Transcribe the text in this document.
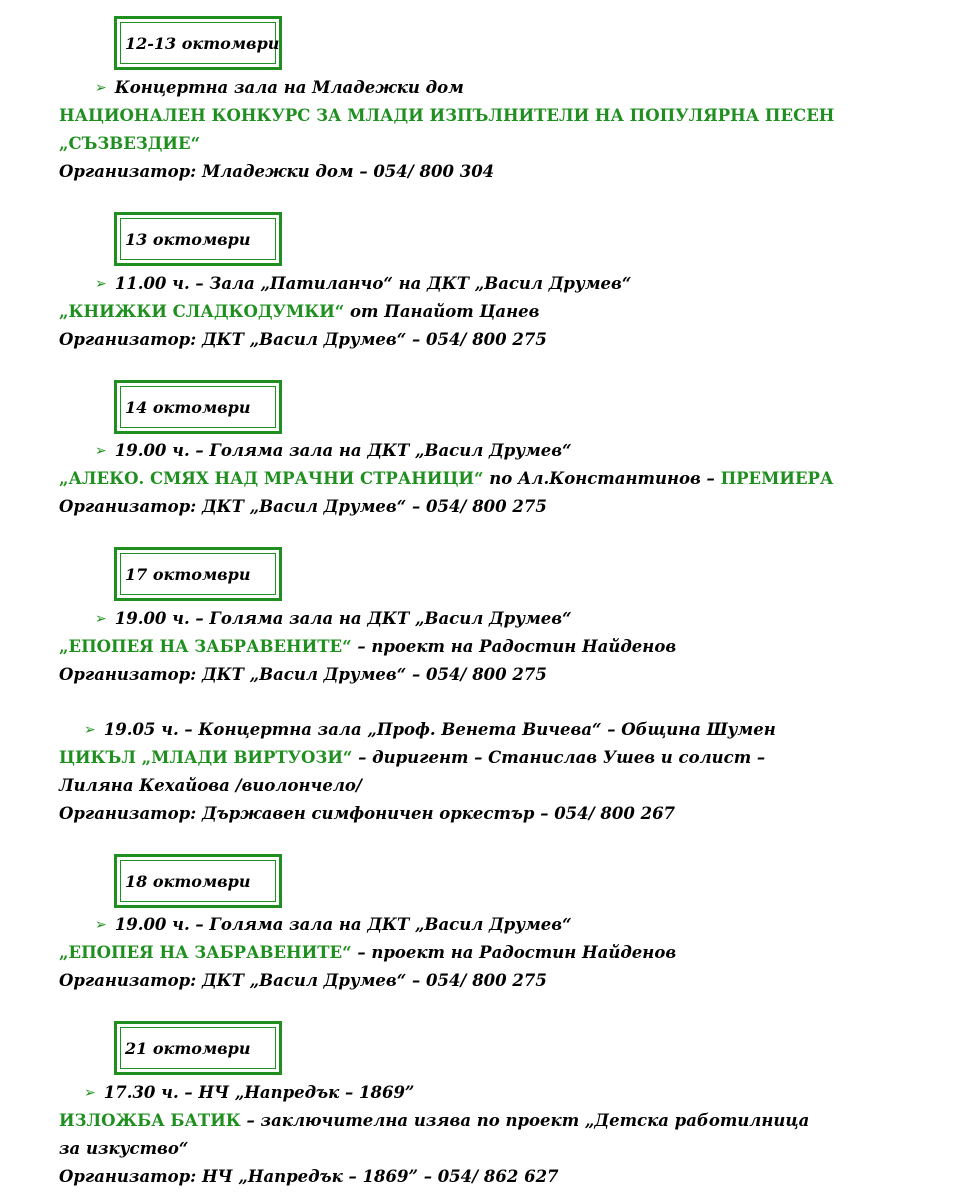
12-13 октомври
➢ Концертна зала на Младежки дом
НАЦИОНАЛЕН КОНКУРС ЗА МЛАДИ ИЗПЪЛНИТЕЛИ НА ПОПУЛЯРНА ПЕСЕН
„СЪЗВЕЗДИЕ“
Организатор: Младежки дом – 054/ 800 304
13 октомври
➢ 11.00 ч. – Зала „Патиланчо“ на ДКТ „Васил Друмев“
„КНИЖКИ СЛАДКОДУМКИ“ от Панайот Цанев
Организатор: ДКТ „Васил Друмев“ – 054/ 800 275
14 октомври
➢ 19.00 ч. – Голяма зала на ДКТ „Васил Друмев“
„АЛЕКО. СМЯХ НАД МРАЧНИ СТРАНИЦИ“ по Ал.Константинов – ПРЕМИЕРА
Организатор: ДКТ „Васил Друмев“ – 054/ 800 275
17 октомври
➢ 19.00 ч. – Голяма зала на ДКТ „Васил Друмев“
„ЕПОПЕЯ НА ЗАБРАВЕНИТЕ“ – проект на Радостин Найденов
Организатор: ДКТ „Васил Друмев“ – 054/ 800 275
➢ 19.05 ч. – Концертна зала „Проф. Венета Вичева“ – Община Шумен
ЦИКЪЛ „МЛАДИ ВИРТУОЗИ“ – диригент – Станислав Ушев и солист –
Лиляна Кехайова /виолончело/
Организатор: Държавен симфоничен оркестър – 054/ 800 267
18 октомври
➢ 19.00 ч. – Голяма зала на ДКТ „Васил Друмев“
„ЕПОПЕЯ НА ЗАБРАВЕНИТЕ“ – проект на Радостин Найденов
Организатор: ДКТ „Васил Друмев“ – 054/ 800 275
21 октомври
➢ 17.30 ч. – НЧ „Напредък – 1869”
ИЗЛОЖБА БАТИК – заключителна изява по проект „Детска работилница
за изкуство“
Организатор: НЧ „Напредък – 1869” – 054/ 862 627
